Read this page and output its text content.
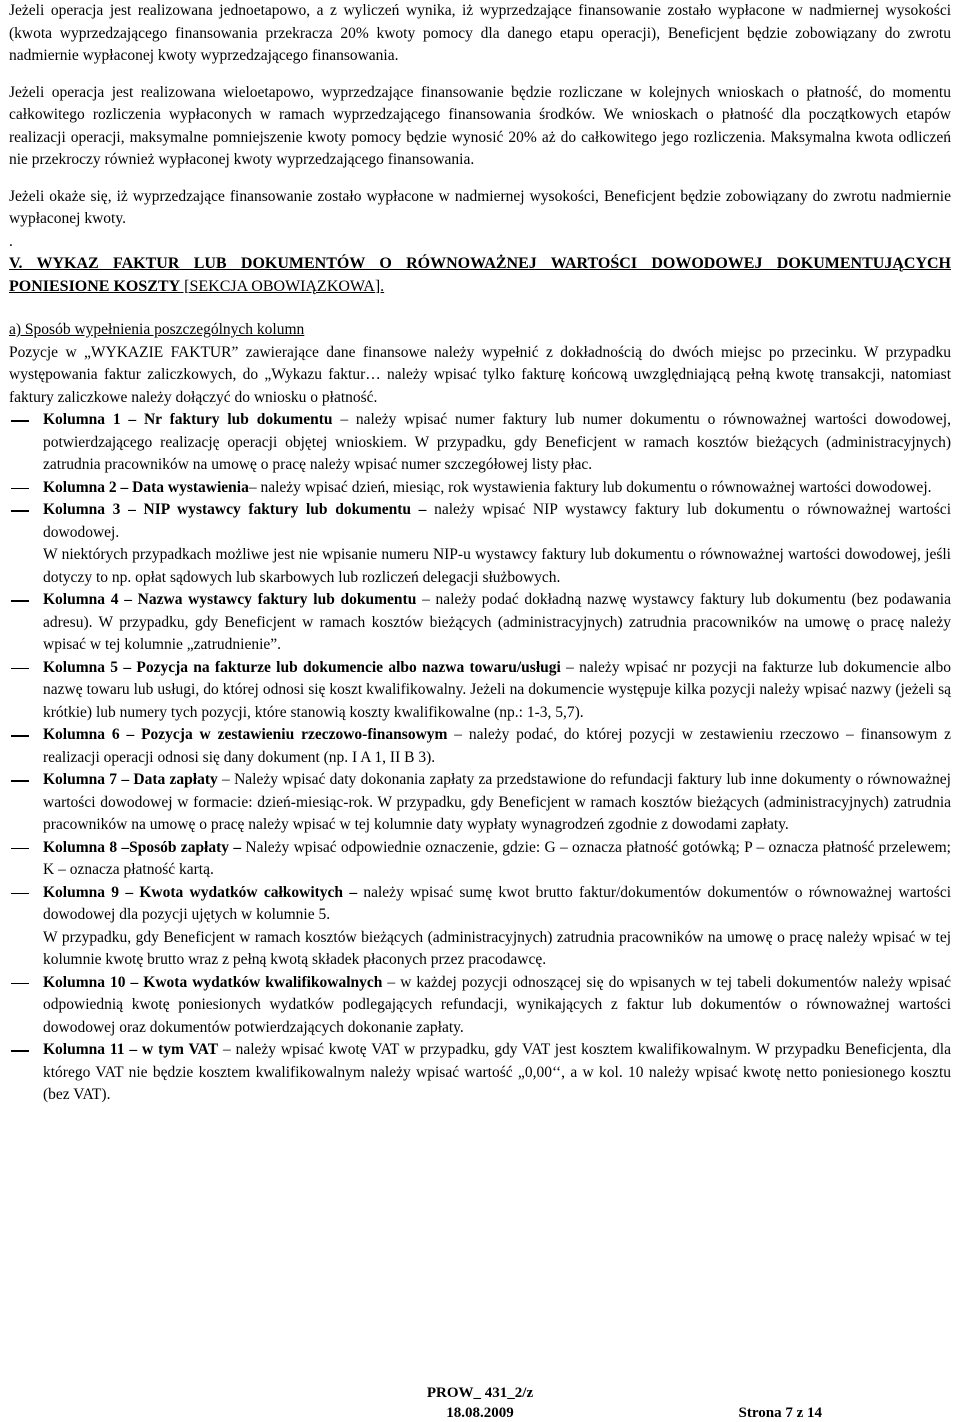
Jeżeli operacja jest realizowana jednoetapowo, a z wyliczeń wynika, iż wyprzedzające finansowanie zostało wypłacone w nadmiernej wysokości (kwota wyprzedzającego finansowania przekracza 20% kwoty pomocy dla danego etapu operacji), Beneficjent będzie zobowiązany do zwrotu nadmiernie wypłaconej kwoty wyprzedzającego finansowania.

Jeżeli operacja jest realizowana wieloetapowo, wyprzedzające finansowanie będzie rozliczane w kolejnych wnioskach o płatność, do momentu całkowitego rozliczenia wypłaconych w ramach wyprzedzającego finansowania środków. We wnioskach o płatność dla początkowych etapów realizacji operacji, maksymalne pomniejszenie kwoty pomocy będzie wynosić 20% aż do całkowitego jego rozliczenia. Maksymalna kwota odliczeń nie przekroczy również wypłaconej kwoty wyprzedzającego finansowania.

Jeżeli okaże się, iż wyprzedzające finansowanie zostało wypłacone w nadmiernej wysokości, Beneficjent będzie zobowiązany do zwrotu nadmiernie wypłaconej kwoty.

.

V. WYKAZ FAKTUR LUB DOKUMENTÓW O RÓWNOWAŻNEJ WARTOŚCI DOWODOWEJ DOKUMENTUJĄCYCH PONIESIONE KOSZTY [SEKCJA OBOWIĄZKOWA].

a) Sposób wypełnienia poszczególnych kolumn

Pozycje w „WYKAZIE FAKTUR” zawierające dane finansowe należy wypełnić z dokładnością do dwóch miejsc po przecinku. W przypadku występowania faktur zaliczkowych, do „Wykazu faktur… należy wpisać tylko fakturę końcową uwzględniającą pełną kwotę transakcji, natomiast faktury zaliczkowe należy dołączyć do wniosku o płatność.

Kolumna 1 – Nr faktury lub dokumentu – należy wpisać numer faktury lub numer dokumentu o równoważnej wartości dowodowej, potwierdzającego realizację operacji objętej wnioskiem. W przypadku, gdy Beneficjent w ramach kosztów bieżących (administracyjnych) zatrudnia pracowników na umowę o pracę należy wpisać numer szczegółowej listy płac.
Kolumna 2 – Data wystawienia– należy wpisać dzień, miesiąc, rok wystawienia faktury lub dokumentu o równoważnej wartości dowodowej.
Kolumna 3 – NIP wystawcy faktury lub dokumentu – należy wpisać NIP wystawcy faktury lub dokumentu o równoważnej wartości dowodowej.
W niektórych przypadkach możliwe jest nie wpisanie numeru NIP-u wystawcy faktury lub dokumentu o równoważnej wartości dowodowej, jeśli dotyczy to np. opłat sądowych lub skarbowych lub rozliczeń delegacji służbowych.
Kolumna 4 – Nazwa wystawcy faktury lub dokumentu – należy podać dokładną nazwę wystawcy faktury lub dokumentu (bez podawania adresu). W przypadku, gdy Beneficjent w ramach kosztów bieżących (administracyjnych) zatrudnia pracowników na umowę o pracę należy wpisać w tej kolumnie „zatrudnienie”.
Kolumna 5 – Pozycja na fakturze lub dokumencie albo nazwa towaru/usługi – należy wpisać nr pozycji na fakturze lub dokumencie albo nazwę towaru lub usługi, do której odnosi się koszt kwalifikowalny. Jeżeli na dokumencie występuje kilka pozycji należy wpisać nazwy (jeżeli są krótkie) lub numery tych pozycji, które stanowią koszty kwalifikowalne (np.: 1-3, 5,7).
Kolumna 6 – Pozycja w zestawieniu rzeczowo-finansowym – należy podać, do której pozycji w zestawieniu rzeczowo – finansowym z realizacji operacji odnosi się dany dokument (np. I A 1, II B 3).
Kolumna 7 – Data zapłaty – Należy wpisać daty dokonania zapłaty za przedstawione do refundacji faktury lub inne dokumenty o równoważnej wartości dowodowej w formacie: dzień-miesiąc-rok. W przypadku, gdy Beneficjent w ramach kosztów bieżących (administracyjnych) zatrudnia pracowników na umowę o pracę należy wpisać w tej kolumnie daty wypłaty wynagrodzeń zgodnie z dowodami zapłaty.
Kolumna 8 –Sposób zapłaty – Należy wpisać odpowiednie oznaczenie, gdzie: G – oznacza płatność gotówką; P – oznacza płatność przelewem; K – oznacza płatność kartą.
Kolumna 9 – Kwota wydatków całkowitych – należy wpisać sumę kwot brutto faktur/dokumentów dokumentów o równoważnej wartości dowodowej dla pozycji ujętych w kolumnie 5.

W przypadku, gdy Beneficjent w ramach kosztów bieżących (administracyjnych) zatrudnia pracowników na umowę o pracę należy wpisać w tej kolumnie kwotę brutto wraz z pełną kwotą składek płaconych przez pracodawcę.

Kolumna 10 – Kwota wydatków kwalifikowalnych – w każdej pozycji odnoszącej się do wpisanych w tej tabeli dokumentów należy wpisać odpowiednią kwotę poniesionych wydatków podlegających refundacji, wynikających z faktur lub dokumentów o równoważnej wartości dowodowej oraz dokumentów potwierdzających dokonanie zapłaty.
Kolumna 11 – w tym VAT – należy wpisać kwotę VAT w przypadku, gdy VAT jest kosztem kwalifikowalnym. W przypadku Beneficjenta, dla którego VAT nie będzie kosztem kwalifikowalnym należy wpisać wartość „0,00‘‘, a w kol. 10 należy wpisać kwotę netto poniesionego kosztu (bez VAT).
PROW_ 431_2/z
18.08.2009	Strona 7 z 14
